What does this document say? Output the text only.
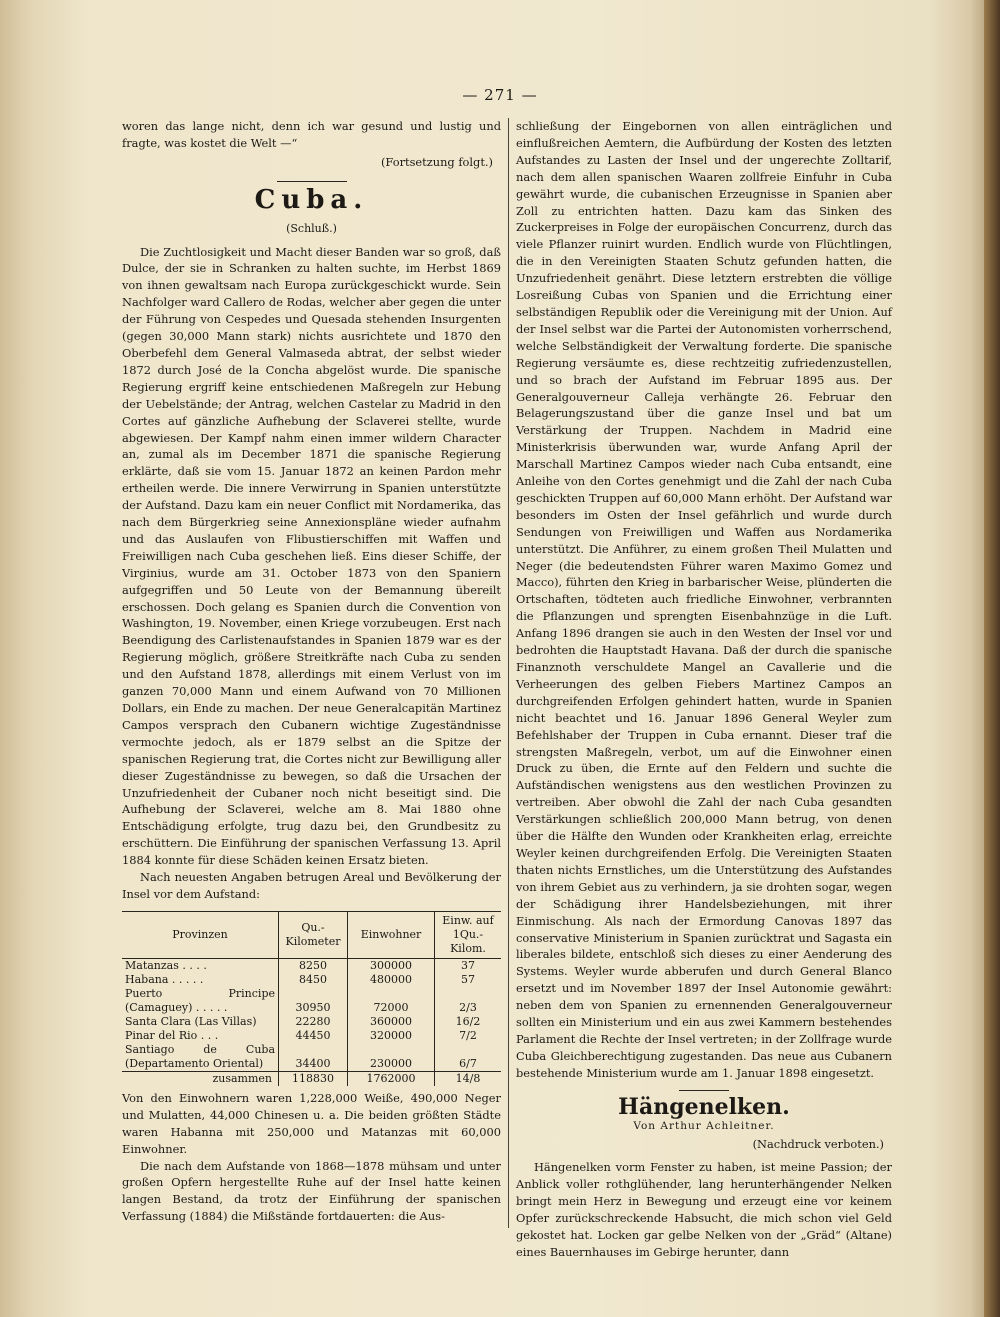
— 271 —

woren das lange nicht, denn ich war gesund und lustig und fragte, was kostet die Welt —“

(Fortsetzung folgt.)
Cuba.
(Schluß.)

Die Zuchtlosigkeit und Macht dieser Banden war so groß, daß Dulce, der sie in Schranken zu halten suchte, im Herbst 1869 von ihnen gewaltsam nach Europa zurückgeschickt wurde. Sein Nachfolger ward Callero de Rodas, welcher aber gegen die unter der Führung von Cespedes und Quesada stehenden Insurgenten (gegen 30,000 Mann stark) nichts ausrichtete und 1870 den Oberbefehl dem General Valmaseda abtrat, der selbst wieder 1872 durch José de la Concha abgelöst wurde. Die spanische Regierung ergriff keine entschiedenen Maßregeln zur Hebung der Uebelstände; der Antrag, welchen Castelar zu Madrid in den Cortes auf gänzliche Aufhebung der Sclaverei stellte, wurde abgewiesen. Der Kampf nahm einen immer wildern Character an, zumal als im December 1871 die spanische Regierung erklärte, daß sie vom 15. Januar 1872 an keinen Pardon mehr ertheilen werde. Die innere Verwirrung in Spanien unterstützte der Aufstand. Dazu kam ein neuer Conflict mit Nordamerika, das nach dem Bürgerkrieg seine Annexionspläne wieder aufnahm und das Auslaufen von Flibustierschiffen mit Waffen und Freiwilligen nach Cuba geschehen ließ. Eins dieser Schiffe, der Virginius, wurde am 31. October 1873 von den Spaniern aufgegriffen und 50 Leute von der Bemannung übereilt erschossen. Doch gelang es Spanien durch die Convention von Washington, 19. November, einen Kriege vorzubeugen. Erst nach Beendigung des Carlistenaufstandes in Spanien 1879 war es der Regierung möglich, größere Streitkräfte nach Cuba zu senden und den Aufstand 1878, allerdings mit einem Verlust von im ganzen 70,000 Mann und einem Aufwand von 70 Millionen Dollars, ein Ende zu machen. Der neue Generalcapitän Martinez Campos versprach den Cubanern wichtige Zugeständnisse vermochte jedoch, als er 1879 selbst an die Spitze der spanischen Regierung trat, die Cortes nicht zur Bewilligung aller dieser Zugeständnisse zu bewegen, so daß die Ursachen der Unzufriedenheit der Cubaner noch nicht beseitigt sind. Die Aufhebung der Sclaverei, welche am 8. Mai 1880 ohne Entschädigung erfolgte, trug dazu bei, den Grundbesitz zu erschüttern. Die Einführung der spanischen Verfassung 13. April 1884 konnte für diese Schäden keinen Ersatz bieten.

Nach neuesten Angaben betrugen Areal und Bevölkerung der Insel vor dem Aufstand:

Provinzen	Qu.-Kilometer	Einwohner	Einw. auf 1Qu.-Kilom.
Matanzas . . . .	8250	300000	37
Habana . . . . .	8450	480000	57
Puerto Principe (Camaguey) . . . . .	30950	72000	2/3
Santa Clara (Las Villas)	22280	360000	16/2
Pinar del Rio . . .	44450	320000	7/2
Santiago de Cuba (Departamento Oriental)	34400	230000	6/7
zusammen	118830	1762000	14/8

Von den Einwohnern waren 1,228,000 Weiße, 490,000 Neger und Mulatten, 44,000 Chinesen u. a. Die beiden größten Städte waren Habanna mit 250,000 und Matanzas mit 60,000 Einwohner.

Die nach dem Aufstande von 1868—1878 mühsam und unter großen Opfern hergestellte Ruhe auf der Insel hatte keinen langen Bestand, da trotz der Einführung der spanischen Verfassung (1884) die Mißstände fortdauerten: die Aus-

schließung der Eingebornen von allen einträglichen und einflußreichen Aemtern, die Aufbürdung der Kosten des letzten Aufstandes zu Lasten der Insel und der ungerechte Zolltarif, nach dem allen spanischen Waaren zollfreie Einfuhr in Cuba gewährt wurde, die cubanischen Erzeugnisse in Spanien aber Zoll zu entrichten hatten. Dazu kam das Sinken des Zuckerpreises in Folge der europäischen Concurrenz, durch das viele Pflanzer ruinirt wurden. Endlich wurde von Flüchtlingen, die in den Vereinigten Staaten Schutz gefunden hatten, die Unzufriedenheit genährt. Diese letztern erstrebten die völlige Losreißung Cubas von Spanien und die Errichtung einer selbständigen Republik oder die Vereinigung mit der Union. Auf der Insel selbst war die Partei der Autonomisten vorherrschend, welche Selbständigkeit der Verwaltung forderte. Die spanische Regierung versäumte es, diese rechtzeitig zufriedenzustellen, und so brach der Aufstand im Februar 1895 aus. Der Generalgouverneur Calleja verhängte 26. Februar den Belagerungszustand über die ganze Insel und bat um Verstärkung der Truppen. Nachdem in Madrid eine Ministerkrisis überwunden war, wurde Anfang April der Marschall Martinez Campos wieder nach Cuba entsandt, eine Anleihe von den Cortes genehmigt und die Zahl der nach Cuba geschickten Truppen auf 60,000 Mann erhöht. Der Aufstand war besonders im Osten der Insel gefährlich und wurde durch Sendungen von Freiwilligen und Waffen aus Nordamerika unterstützt. Die Anführer, zu einem großen Theil Mulatten und Neger (die bedeutendsten Führer waren Maximo Gomez und Macco), führten den Krieg in barbarischer Weise, plünderten die Ortschaften, tödteten auch friedliche Einwohner, verbrannten die Pflanzungen und sprengten Eisenbahnzüge in die Luft. Anfang 1896 drangen sie auch in den Westen der Insel vor und bedrohten die Hauptstadt Havana. Daß der durch die spanische Finanznoth verschuldete Mangel an Cavallerie und die Verheerungen des gelben Fiebers Martinez Campos an durchgreifenden Erfolgen gehindert hatten, wurde in Spanien nicht beachtet und 16. Januar 1896 General Weyler zum Befehlshaber der Truppen in Cuba ernannt. Dieser traf die strengsten Maßregeln, verbot, um auf die Einwohner einen Druck zu üben, die Ernte auf den Feldern und suchte die Aufständischen wenigstens aus den westlichen Provinzen zu vertreiben. Aber obwohl die Zahl der nach Cuba gesandten Verstärkungen schließlich 200,000 Mann betrug, von denen über die Hälfte den Wunden oder Krankheiten erlag, erreichte Weyler keinen durchgreifenden Erfolg. Die Vereinigten Staaten thaten nichts Ernstliches, um die Unterstützung des Aufstandes von ihrem Gebiet aus zu verhindern, ja sie drohten sogar, wegen der Schädigung ihrer Handelsbeziehungen, mit ihrer Einmischung. Als nach der Ermordung Canovas 1897 das conservative Ministerium in Spanien zurücktrat und Sagasta ein liberales bildete, entschloß sich dieses zu einer Aenderung des Systems. Weyler wurde abberufen und durch General Blanco ersetzt und im November 1897 der Insel Autonomie gewährt: neben dem von Spanien zu ernennenden Generalgouverneur sollten ein Ministerium und ein aus zwei Kammern bestehendes Parlament die Rechte der Insel vertreten; in der Zollfrage wurde Cuba Gleichberechtigung zugestanden. Das neue aus Cubanern bestehende Ministerium wurde am 1. Januar 1898 eingesetzt.

Hängenelken.
Von Arthur Achleitner.
(Nachdruck verboten.)

Hängenelken vorm Fenster zu haben, ist meine Passion; der Anblick voller rothglühender, lang herunterhängender Nelken bringt mein Herz in Bewegung und erzeugt eine vor keinem Opfer zurückschreckende Habsucht, die mich schon viel Geld gekostet hat. Locken gar gelbe Nelken von der „Gräd“ (Altane) eines Bauernhauses im Gebirge herunter, dann
